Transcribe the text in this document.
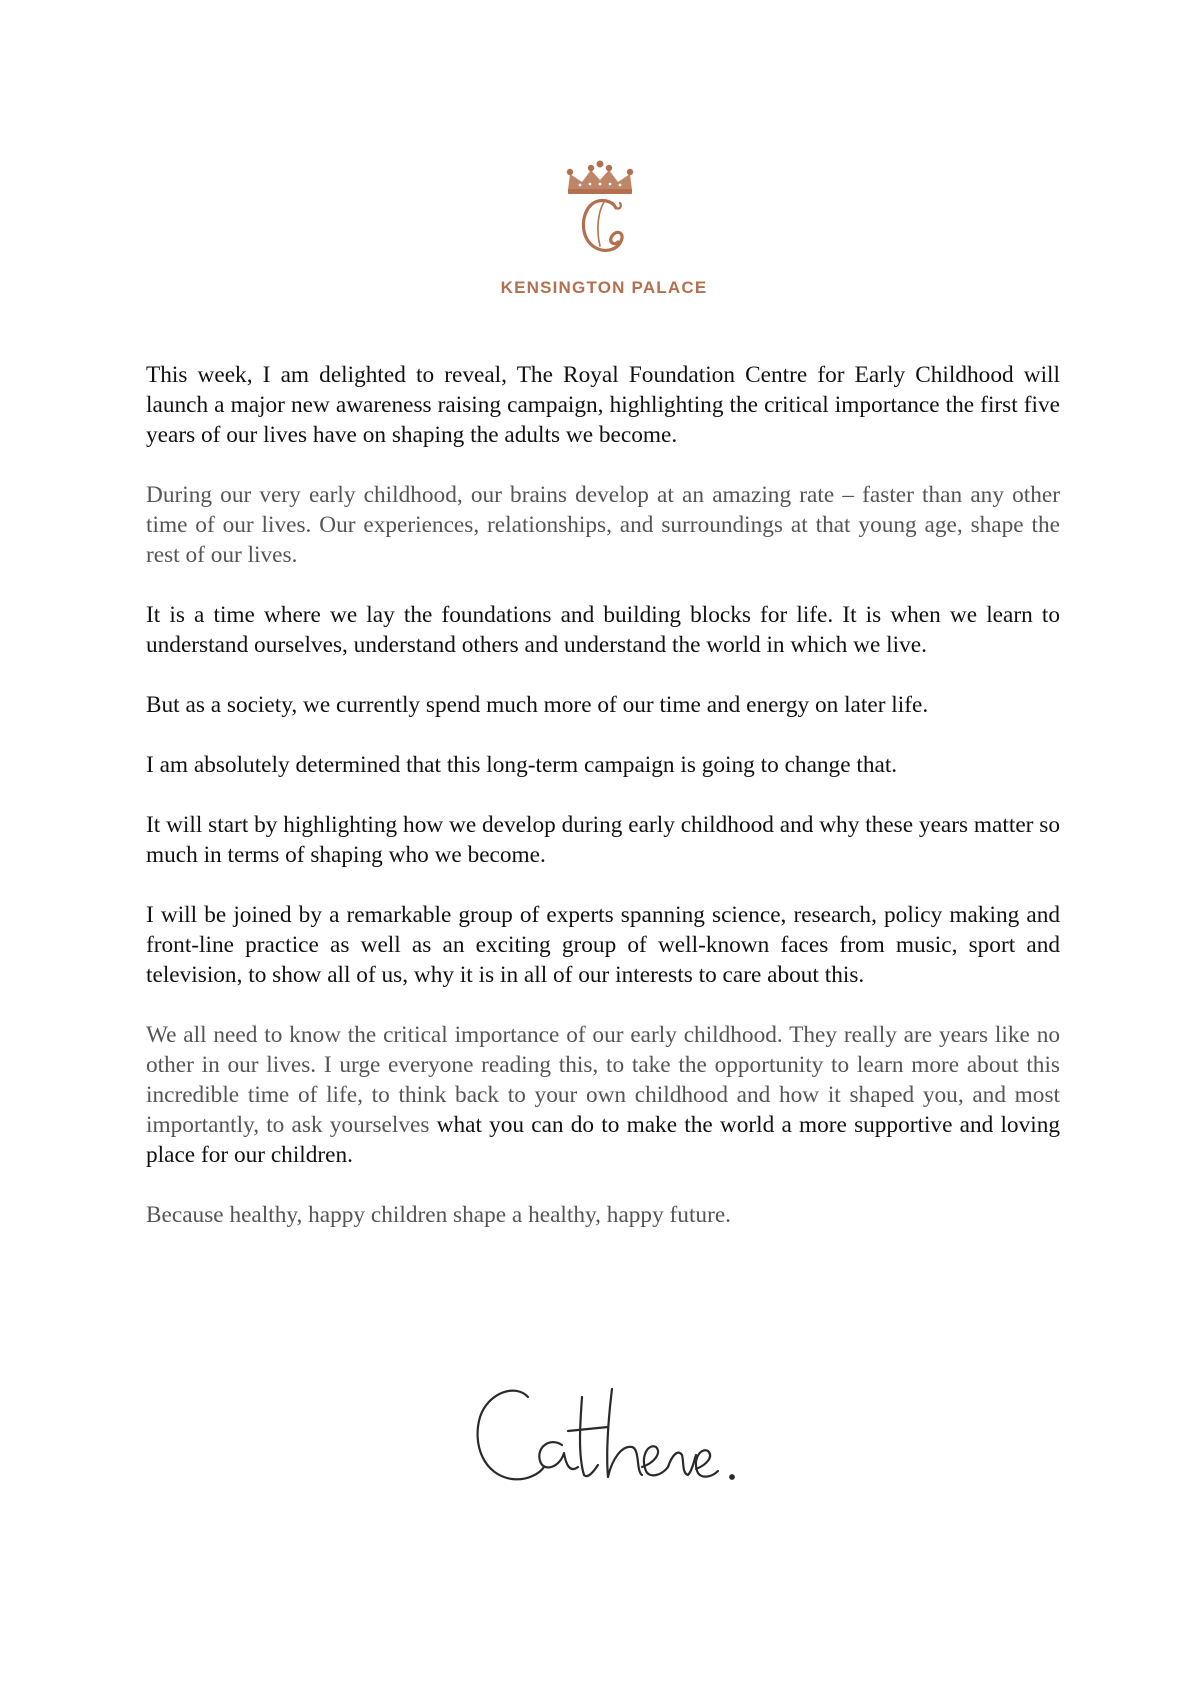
KENSINGTON PALACE

This week, I am delighted to reveal, The Royal Foundation Centre for Early Childhood will launch a major new awareness raising campaign, highlighting the critical importance the first five years of our lives have on shaping the adults we become.

During our very early childhood, our brains develop at an amazing rate – faster than any other time of our lives. Our experiences, relationships, and surroundings at that young age, shape the rest of our lives.

It is a time where we lay the foundations and building blocks for life. It is when we learn to understand ourselves, understand others and understand the world in which we live.

But as a society, we currently spend much more of our time and energy on later life.

I am absolutely determined that this long-term campaign is going to change that.

It will start by highlighting how we develop during early childhood and why these years matter so much in terms of shaping who we become.

I will be joined by a remarkable group of experts spanning science, research, policy making and front-line practice as well as an exciting group of well-known faces from music, sport and television, to show all of us, why it is in all of our interests to care about this.

We all need to know the critical importance of our early childhood. They really are years like no other in our lives. I urge everyone reading this, to take the opportunity to learn more about this incredible time of life, to think back to your own childhood and how it shaped you, and most importantly, to ask yourselves what you can do to make the world a more supportive and loving place for our children.

Because healthy, happy children shape a healthy, happy future.
